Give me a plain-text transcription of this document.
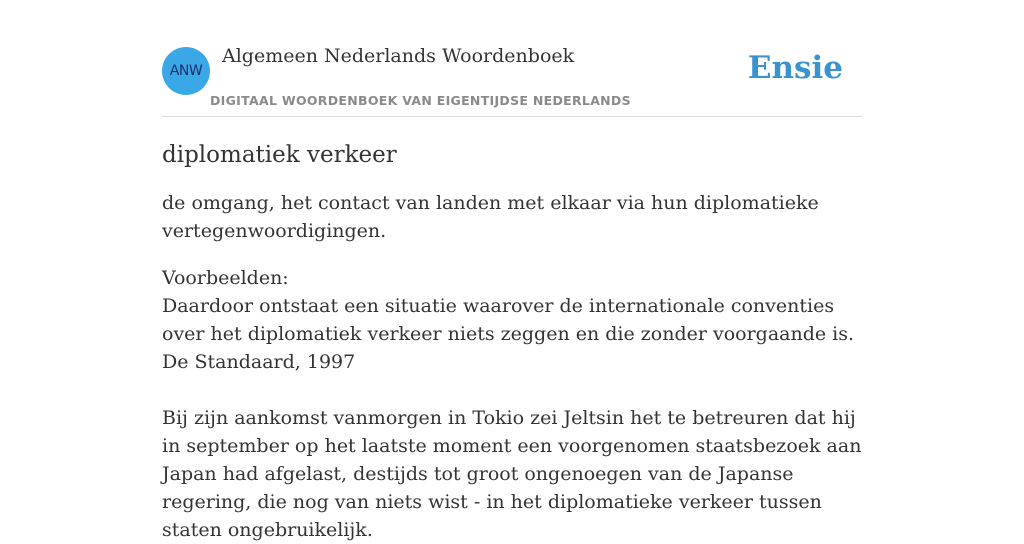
ANW
Algemeen Nederlands Woordenboek
DIGITAAL WOORDENBOEK VAN EIGENTIJDSE NEDERLANDS
Ensie
diplomatiek verkeer

de omgang, het contact van landen met elkaar via hun diplomatieke vertegenwoordigingen.

Voorbeelden:
Daardoor ontstaat een situatie waarover de internationale conventies over het diplomatiek verkeer niets zeggen en die zonder voorgaande is.
De Standaard, 1997
Bij zijn aankomst vanmorgen in Tokio zei Jeltsin het te betreuren dat hij in september op het laatste moment een voorgenomen staatsbezoek aan Japan had afgelast, destijds tot groot ongenoegen van de Japanse regering, die nog van niets wist - in het diplomatieke verkeer tussen staten ongebruikelijk.
